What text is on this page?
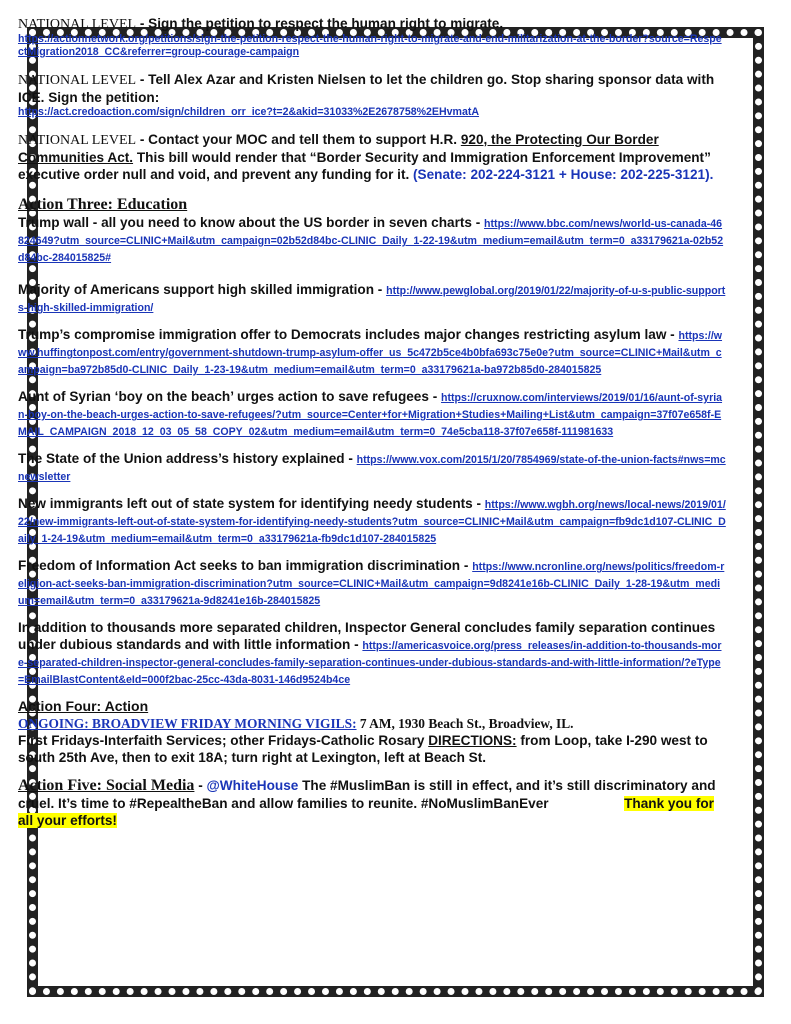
NATIONAL LEVEL - Sign the petition to respect the human right to migrate.
https://actionnetwork.org/petitions/sign-the-petition-respect-the-human-right-to-migrate-and-end-militarization-at-the-border?source=RespectMigration2018_CC&referrer=group-courage-campaign
NATIONAL LEVEL - Tell Alex Azar and Kristen Nielsen to let the children go. Stop sharing sponsor data with ICE. Sign the petition:
https://act.credoaction.com/sign/children_orr_ice?t=2&akid=31033%2E2678758%2EHvmatA
NATIONAL LEVEL - Contact your MOC and tell them to support H.R. 920, the Protecting Our Border Communities Act. This bill would render that “Border Security and Immigration Enforcement Improvement” executive order null and void, and prevent any funding for it. (Senate: 202-224-3121 + House: 202-225-3121).
Action Three: Education
Trump wall - all you need to know about the US border in seven charts - https://www.bbc.com/news/world-us-canada-46824649?utm_source=CLINIC+Mail&utm_campaign=02b52d84bc-CLINIC_Daily_1-22-19&utm_medium=email&utm_term=0_a33179621a-02b52d84bc-284015825#
Majority of Americans support high skilled immigration - http://www.pewglobal.org/2019/01/22/majority-of-u-s-public-supports-high-skilled-immigration/
Trump’s compromise immigration offer to Democrats includes major changes restricting asylum law - https://www.huffingtonpost.com/entry/government-shutdown-trump-asylum-offer_us_5c472b5ce4b0bfa693c75e0e?utm_source=CLINIC+Mail&utm_campaign=ba972b85d0-CLINIC_Daily_1-23-19&utm_medium=email&utm_term=0_a33179621a-ba972b85d0-284015825
Aunt of Syrian ‘boy on the beach’ urges action to save refugees - https://cruxnow.com/interviews/2019/01/16/aunt-of-syrian-boy-on-the-beach-urges-action-to-save-refugees/?utm_source=Center+for+Migration+Studies+Mailing+List&utm_campaign=37f07e658f-EMAIL_CAMPAIGN_2018_12_03_05_58_COPY_02&utm_medium=email&utm_term=0_74e5cba118-37f07e658f-111981633
The State of the Union address’s history explained - https://www.vox.com/2015/1/20/7854969/state-of-the-union-facts#nws=mcnewsletter
New immigrants left out of state system for identifying needy students - https://www.wgbh.org/news/local-news/2019/01/22/new-immigrants-left-out-of-state-system-for-identifying-needy-students?utm_source=CLINIC+Mail&utm_campaign=fb9dc1d107-CLINIC_Daily_1-24-19&utm_medium=email&utm_term=0_a33179621a-fb9dc1d107-284015825
Freedom of Information Act seeks to ban immigration discrimination - https://www.ncronline.org/news/politics/freedom-religion-act-seeks-ban-immigration-discrimination?utm_source=CLINIC+Mail&utm_campaign=9d8241e16b-CLINIC_Daily_1-28-19&utm_medium=email&utm_term=0_a33179621a-9d8241e16b-284015825
In addition to thousands more separated children, Inspector General concludes family separation continues under dubious standards and with little information - https://americasvoice.org/press_releases/in-addition-to-thousands-more-separated-children-inspector-general-concludes-family-separation-continues-under-dubious-standards-and-with-little-information/?eType=EmailBlastContent&eId=000f2bac-25cc-43da-8031-146d9524b4ce
Action Four: Action
ONGOING: BROADVIEW FRIDAY MORNING VIGILS: 7 AM, 1930 Beach St., Broadview, IL.
First Fridays-Interfaith Services; other Fridays-Catholic Rosary DIRECTIONS: from Loop, take I-290 west to south 25th Ave, then to exit 18A; turn right at Lexington, left at Beach St.
Action Five: Social Media - @WhiteHouse The #MuslimBan is still in effect, and it’s still discriminatory and cruel. It’s time to #RepealtheBan and allow families to reunite. #NoMuslimBanEver	Thank you for all your efforts!
